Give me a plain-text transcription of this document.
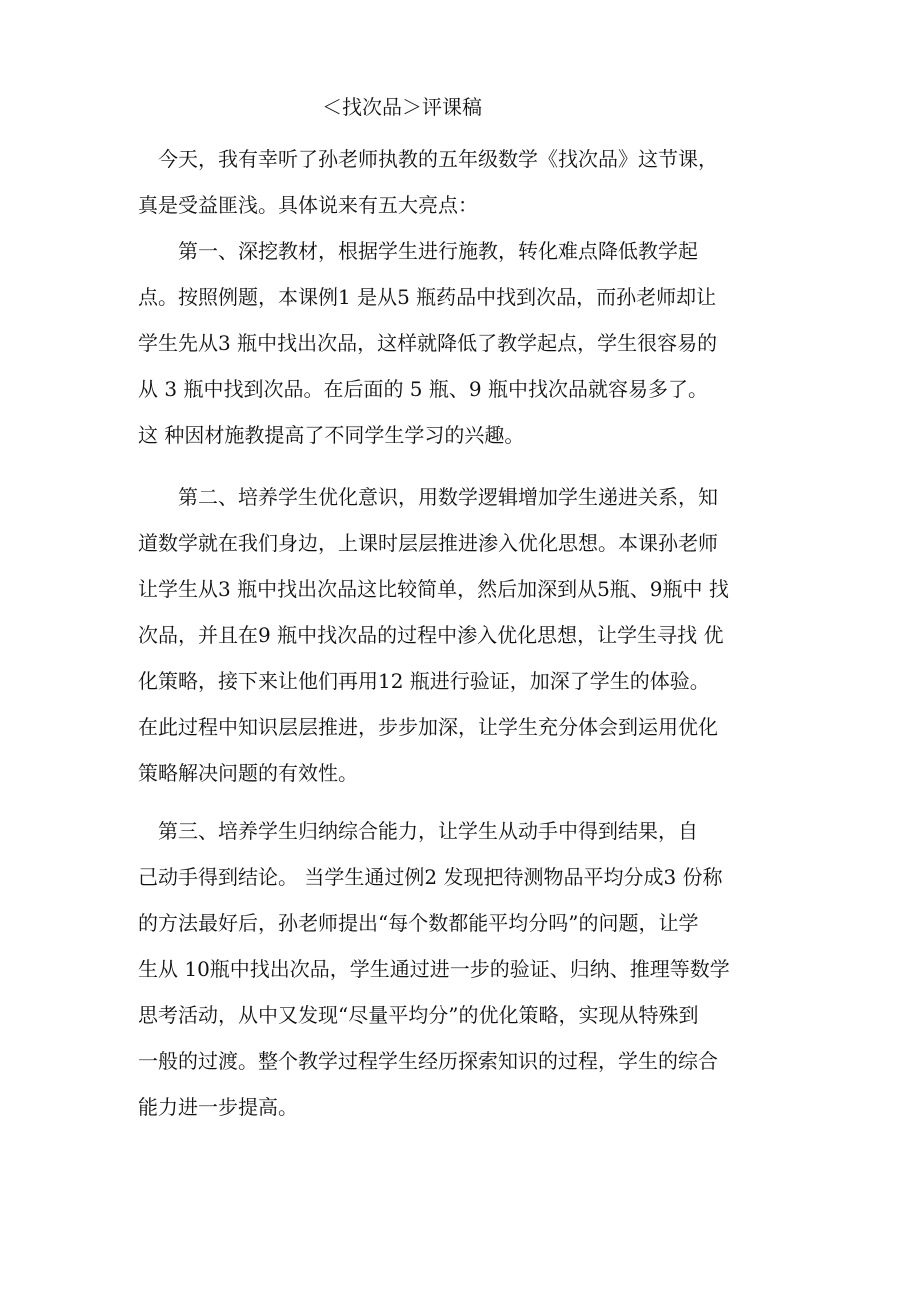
＜找次品＞评课稿
　今天，我有幸听了孙老师执教的五年级数学《找次品》这节课，
真是受益匪浅。具体说来有五大亮点：
　　第一、深挖教材，根据学生进行施教，转化难点降低教学起
点。按照例题，本课例1 是从5 瓶药品中找到次品，而孙老师却让
学生先从3 瓶中找出次品，这样就降低了教学起点，学生很容易的
从 3 瓶中找到次品。在后面的 5 瓶、9 瓶中找次品就容易多了。
这 种因材施教提高了不同学生学习的兴趣。
　　第二、培养学生优化意识，用数学逻辑增加学生递进关系，知
道数学就在我们身边，上课时层层推进渗入优化思想。本课孙老师
让学生从3 瓶中找出次品这比较简单，然后加深到从5瓶、9瓶中 找
次品，并且在9 瓶中找次品的过程中渗入优化思想，让学生寻找 优
化策略，接下来让他们再用12 瓶进行验证，加深了学生的体验。
在此过程中知识层层推进，步步加深，让学生充分体会到运用优化
策略解决问题的有效性。
　第三、培养学生归纳综合能力，让学生从动手中得到结果，自
己动手得到结论。 当学生通过例2 发现把待测物品平均分成3 份称
的方法最好后，孙老师提出“每个数都能平均分吗”的问题，让学
生从 10瓶中找出次品，学生通过进一步的验证、归纳、推理等数学
思考活动，从中又发现“尽量平均分”的优化策略，实现从特殊到
一般的过渡。整个教学过程学生经历探索知识的过程，学生的综合
能力进一步提高。
